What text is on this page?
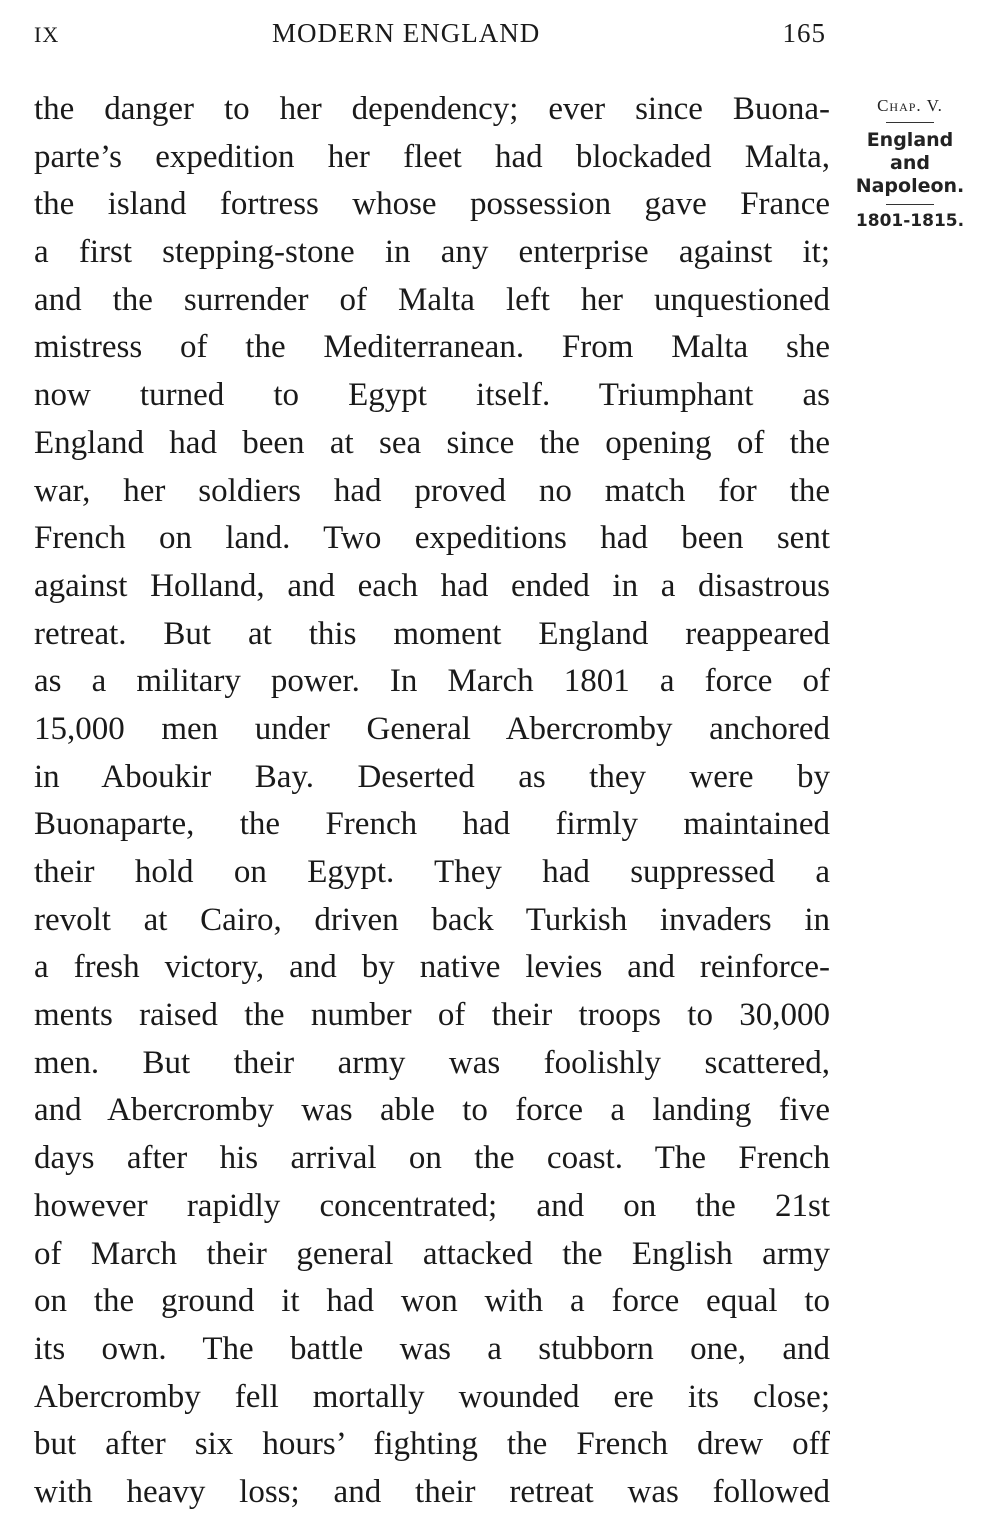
IX	MODERN ENGLAND	165
the danger to her dependency; ever since Buona-
parte’s expedition her fleet had blockaded Malta,
the island fortress whose possession gave France
a first stepping-stone in any enterprise against it;
and the surrender of Malta left her unquestioned
mistress of the Mediterranean. From Malta she
now turned to Egypt itself. Triumphant as
England had been at sea since the opening of the
war, her soldiers had proved no match for the
French on land. Two expeditions had been sent
against Holland, and each had ended in a disastrous
retreat. But at this moment England reappeared
as a military power. In March 1801 a force of
15,000 men under General Abercromby anchored
in Aboukir Bay. Deserted as they were by
Buonaparte, the French had firmly maintained
their hold on Egypt. They had suppressed a
revolt at Cairo, driven back Turkish invaders in
a fresh victory, and by native levies and reinforce-
ments raised the number of their troops to 30,000
men. But their army was foolishly scattered,
and Abercromby was able to force a landing five
days after his arrival on the coast. The French
however rapidly concentrated; and on the 21st
of March their general attacked the English army
on the ground it had won with a force equal to
its own. The battle was a stubborn one, and
Abercromby fell mortally wounded ere its close;
but after six hours’ fighting the French drew off
with heavy loss; and their retreat was followed
Chap. V.
England
and
Napoleon.
1801-1815.
